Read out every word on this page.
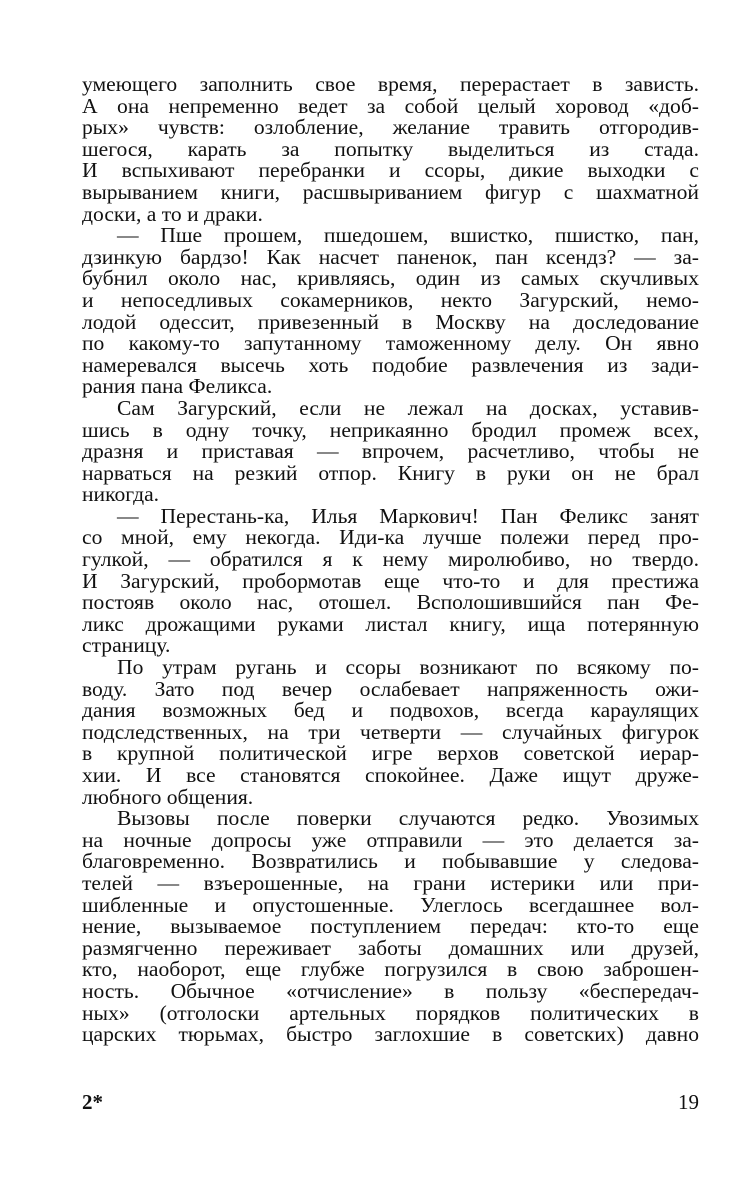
умеющего заполнить свое время, перерастает в зависть.
А она непременно ведет за собой целый хоровод «доб-
рых» чувств: озлобление, желание травить отгородив-
шегося, карать за попытку выделиться из стада.
И вспыхивают перебранки и ссоры, дикие выходки с
вырыванием книги, расшвыриванием фигур с шахматной
доски, а то и драки.
— Пше прошем, пшедошем, вшистко, пшистко, пан,
дзинкую бардзо! Как насчет паненок, пан ксендз? — за-
бубнил около нас, кривляясь, один из самых скучливых
и непоседливых сокамерников, некто Загурский, немо-
лодой одессит, привезенный в Москву на доследование
по какому-то запутанному таможенному делу. Он явно
намеревался высечь хоть подобие развлечения из зади-
рания пана Феликса.
Сам Загурский, если не лежал на досках, уставив-
шись в одну точку, неприкаянно бродил промеж всех,
дразня и приставая — впрочем, расчетливо, чтобы не
нарваться на резкий отпор. Книгу в руки он не брал
никогда.
— Перестань-ка, Илья Маркович! Пан Феликс занят
со мной, ему некогда. Иди-ка лучше полежи перед про-
гулкой, — обратился я к нему миролюбиво, но твердо.
И Загурский, пробормотав еще что-то и для престижа
постояв около нас, отошел. Всполошившийся пан Фе-
ликс дрожащими руками листал книгу, ища потерянную
страницу.
По утрам ругань и ссоры возникают по всякому по-
воду. Зато под вечер ослабевает напряженность ожи-
дания возможных бед и подвохов, всегда караулящих
подследственных, на три четверти — случайных фигурок
в крупной политической игре верхов советской иерар-
хии. И все становятся спокойнее. Даже ищут друже-
любного общения.
Вызовы после поверки случаются редко. Увозимых
на ночные допросы уже отправили — это делается за-
благовременно. Возвратились и побывавшие у следова-
телей — взъерошенные, на грани истерики или при-
шибленные и опустошенные. Улеглось всегдашнее вол-
нение, вызываемое поступлением передач: кто-то еще
размягченно переживает заботы домашних или друзей,
кто, наоборот, еще глубже погрузился в свою заброшен-
ность. Обычное «отчисление» в пользу «беспередач-
ных» (отголоски артельных порядков политических в
царских тюрьмах, быстро заглохшие в советских) давно
2*	19
